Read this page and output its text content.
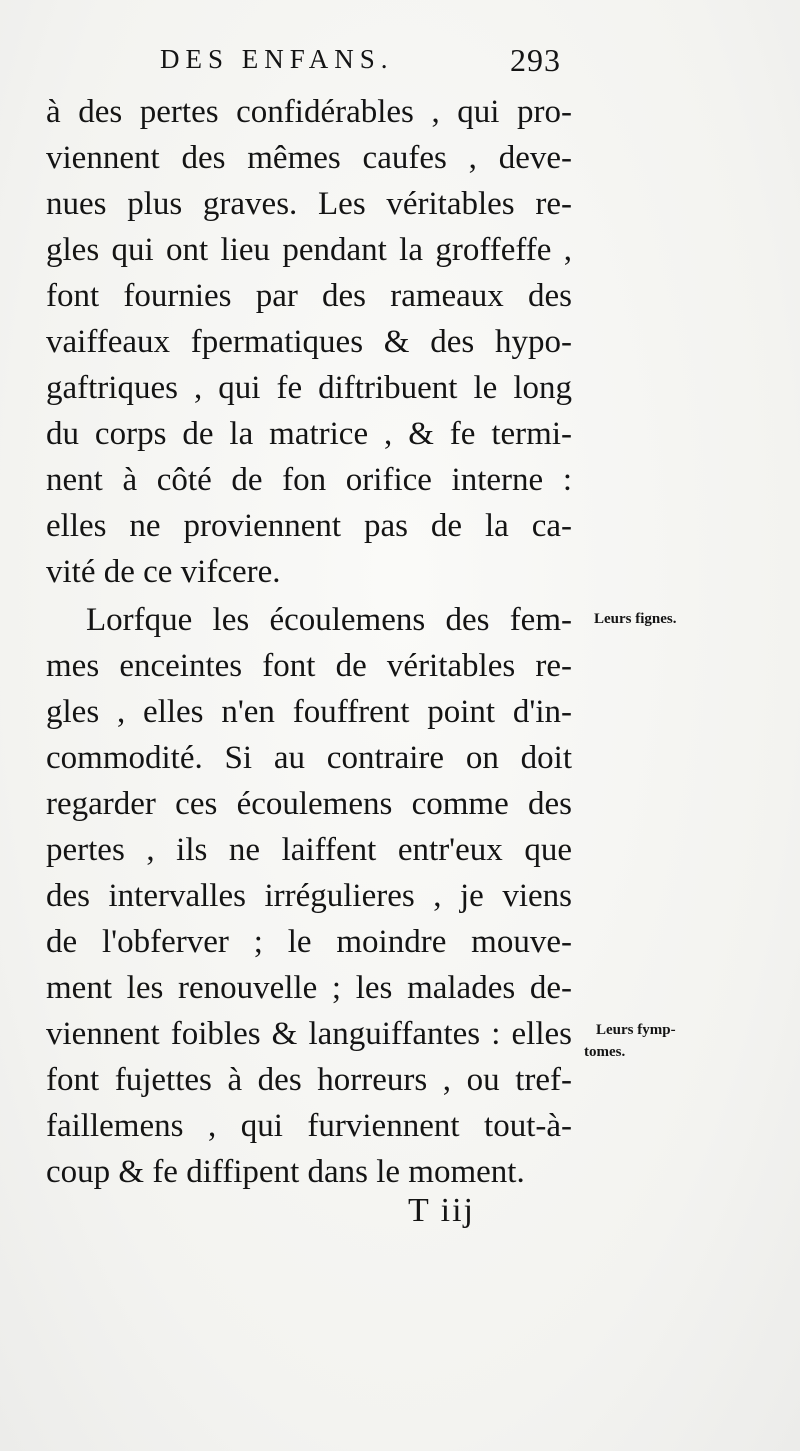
DES ENFANS.	293
à des pertes confidérables , qui pro-
viennent des mêmes caufes , deve-
nues plus graves. Les véritables re-
gles qui ont lieu pendant la groffeffe ,
font fournies par des rameaux des
vaiffeaux fpermatiques & des hypo-
gaftriques , qui fe diftribuent le long
du corps de la matrice , & fe termi-
nent à côté de fon orifice interne :
elles ne proviennent pas de la ca-
vité de ce vifcere.
Lorfque les écoulemens des fem-
mes enceintes font de véritables re-
gles , elles n'en fouffrent point d'in-
commodité. Si au contraire on doit
regarder ces écoulemens comme des
pertes , ils ne laiffent entr'eux que
des intervalles irrégulieres , je viens
de l'obferver ; le moindre mouve-
ment les renouvelle ; les malades de-
viennent foibles & languiffantes : elles
font fujettes à des horreurs , ou tref-
faillemens , qui furviennent tout-à-
coup & fe diffipent dans le moment.
Leurs fignes.
Leurs fymp-
tomes.
T iij
